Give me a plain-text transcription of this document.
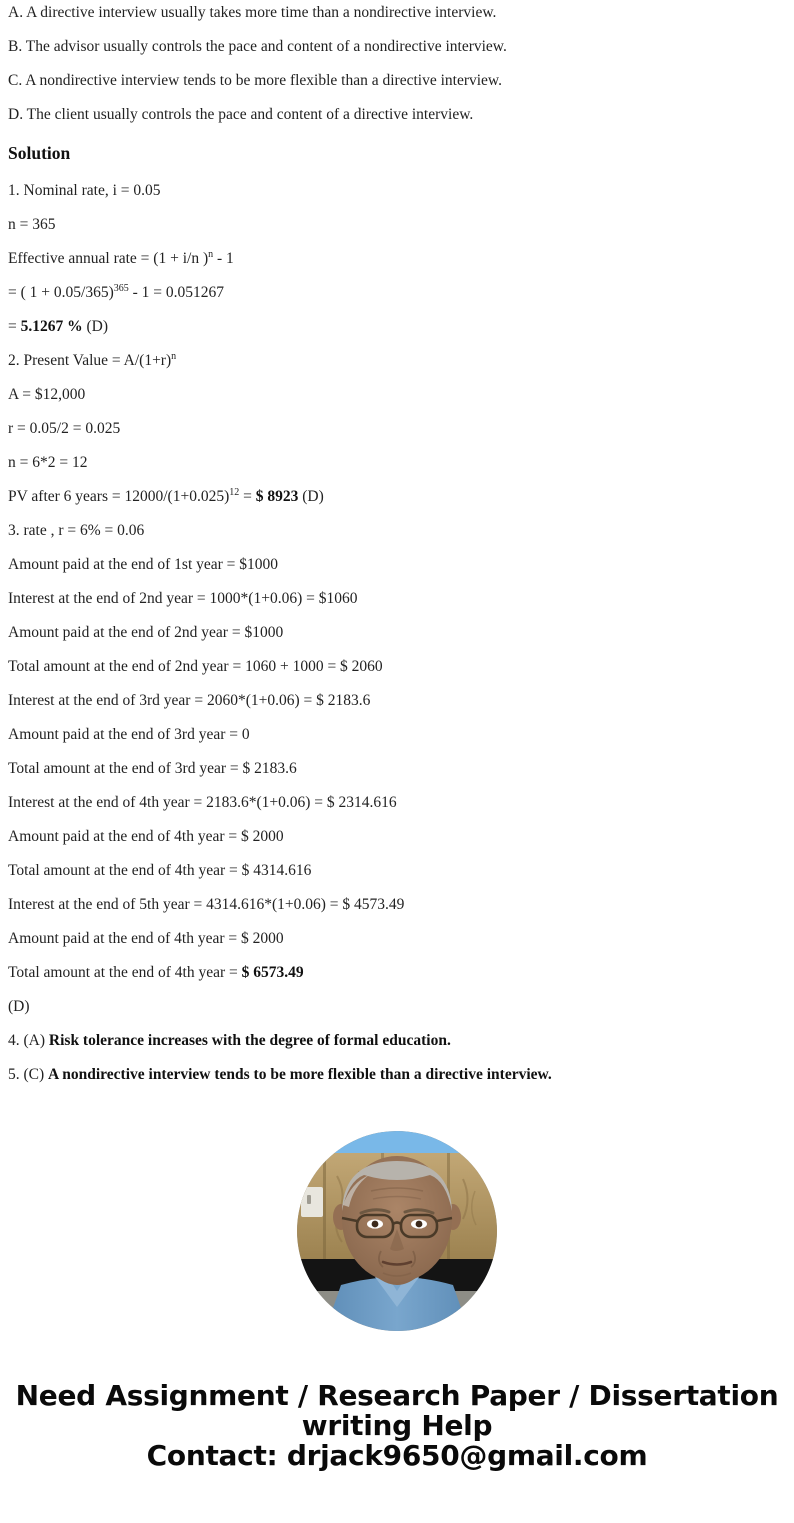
A. A directive interview usually takes more time than a nondirective interview.
B. The advisor usually controls the pace and content of a nondirective interview.
C. A nondirective interview tends to be more flexible than a directive interview.
D. The client usually controls the pace and content of a directive interview.
Solution
1. Nominal rate, i = 0.05
n = 365
Effective annual rate = (1 + i/n )$^n$ - 1
= ( 1 + 0.05/365)$^{365}$ - 1 = 0.051267
= 5.1267 % (D)
2. Present Value = $A/(1+r)^n$
A = $12,000
r = 0.05/2 = 0.025
n = 6*2 = 12
PV after 6 years = $12000/(1+0.025)^{12}$ = $ 8923 (D)
3. rate , r = 6% = 0.06
Amount paid at the end of 1st year = $1000
Interest at the end of 2nd year = 1000*(1+0.06) = $1060
Amount paid at the end of 2nd year = $1000
Total amount at the end of 2nd year = 1060 + 1000 = $ 2060
Interest at the end of 3rd year = 2060*(1+0.06) = $ 2183.6
Amount paid at the end of 3rd year = 0
Total amount at the end of 3rd year = $ 2183.6
Interest at the end of 4th year = 2183.6*(1+0.06) = $ 2314.616
Amount paid at the end of 4th year = $ 2000
Total amount at the end of 4th year = $ 4314.616
Interest at the end of 5th year = 4314.616*(1+0.06) = $ 4573.49
Amount paid at the end of 4th year = $ 2000
Total amount at the end of 4th year = $ 6573.49
(D)
4. (A) Risk tolerance increases with the degree of formal education.
5. (C) A nondirective interview tends to be more flexible than a directive interview.
Need Assignment / Research Paper / Dissertation
writing Help
Contact: drjack9650@gmail.com
